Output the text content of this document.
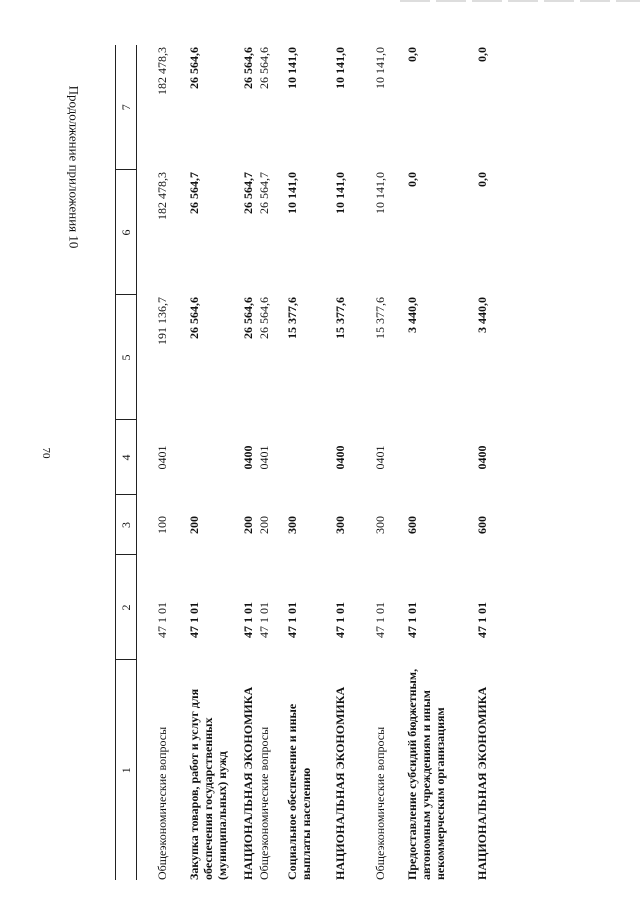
70
Продолжение приложения 10
1	2	3	4	5	6	7
Общеэкономические вопросы	47 1 01	100	0401	191 136,7	182 478,3	182 478,3
Закупка товаров, работ и услуг для обеспечения государственных (муниципальных) нужд	47 1 01	200		26 564,6	26 564,7	26 564,6
НАЦИОНАЛЬНАЯ ЭКОНОМИКА	47 1 01	200	0400	26 564,6	26 564,7	26 564,6
Общеэкономические вопросы	47 1 01	200	0401	26 564,6	26 564,7	26 564,6
Социальное обеспечение и иные выплаты населению	47 1 01	300		15 377,6	10 141,0	10 141,0
НАЦИОНАЛЬНАЯ ЭКОНОМИКА	47 1 01	300	0400	15 377,6	10 141,0	10 141,0
Общеэкономические вопросы	47 1 01	300	0401	15 377,6	10 141,0	10 141,0
Предоставление субсидий бюджетным, автономным учреждениям и иным некоммерческим организациям	47 1 01	600		3 440,0	0,0	0,0
НАЦИОНАЛЬНАЯ ЭКОНОМИКА	47 1 01	600	0400	3 440,0	0,0	0,0
